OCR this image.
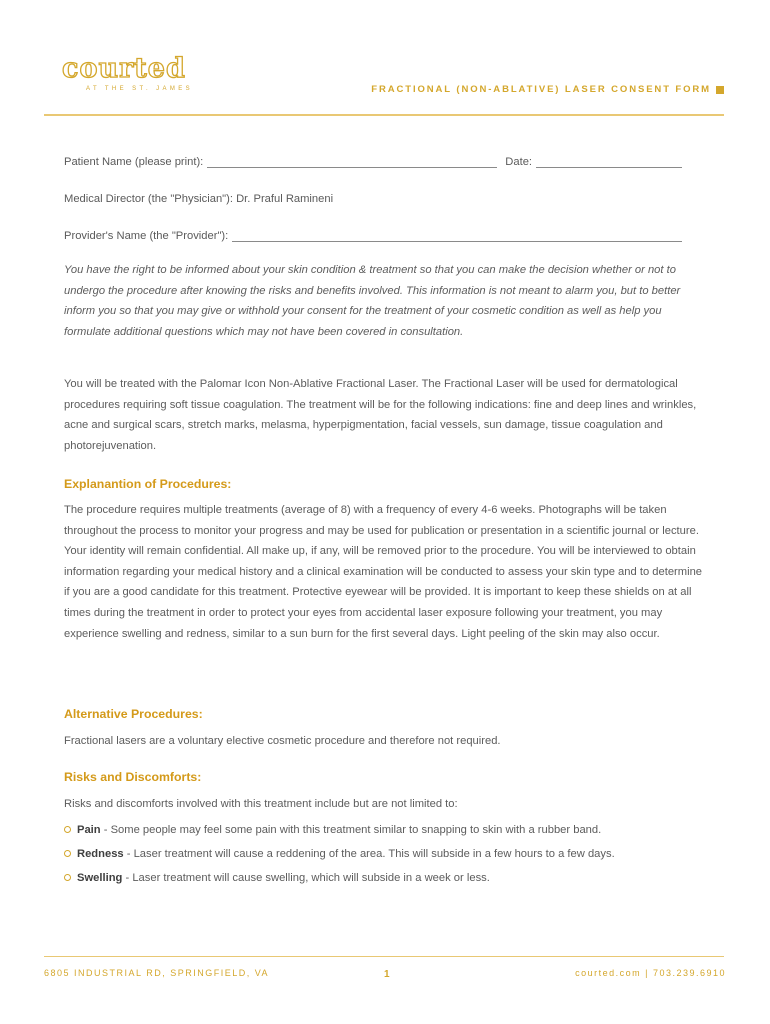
courted
AT THE ST. JAMES	FRACTIONAL (NON-ABLATIVE) LASER CONSENT FORM
Patient Name (please print):	Date:
Medical Director (the "Physician"): Dr. Praful Ramineni
Provider's Name (the "Provider"):

You have the right to be informed about your skin condition & treatment so that you can make the decision whether or not to undergo the procedure after knowing the risks and benefits involved. This information is not meant to alarm you, but to better inform you so that you may give or withhold your consent for the treatment of your cosmetic condition as well as help you formulate additional questions which may not have been covered in consultation.

You will be treated with the Palomar Icon Non-Ablative Fractional Laser. The Fractional Laser will be used for dermatological procedures requiring soft tissue coagulation. The treatment will be for the following indications: fine and deep lines and wrinkles, acne and surgical scars, stretch marks, melasma, hyperpigmentation, facial vessels, sun damage, tissue coagulation and photorejuvenation.

Explanantion of Procedures:

The procedure requires multiple treatments (average of 8) with a frequency of every 4-6 weeks. Photographs will be taken throughout the process to monitor your progress and may be used for publication or presentation in a scientific journal or lecture. Your identity will remain confidential. All make up, if any, will be removed prior to the procedure. You will be interviewed to obtain information regarding your medical history and a clinical examination will be conducted to assess your skin type and to determine if you are a good candidate for this treatment. Protective eyewear will be provided. It is important to keep these shields on at all times during the treatment in order to protect your eyes from accidental laser exposure following your treatment, you may experience swelling and redness, similar to a sun burn for the first several days. Light peeling of the skin may also occur.

Alternative Procedures:

Fractional lasers are a voluntary elective cosmetic procedure and therefore not required.

Risks and Discomforts:

Risks and discomforts involved with this treatment include but are not limited to:

Pain - Some people may feel some pain with this treatment similar to snapping to skin with a rubber band.
Redness - Laser treatment will cause a reddening of the area. This will subside in a few hours to a few days.
Swelling - Laser treatment will cause swelling, which will subside in a week or less.
6805 INDUSTRIAL RD, SPRINGFIELD, VA	1	courted.com | 703.239.6910
